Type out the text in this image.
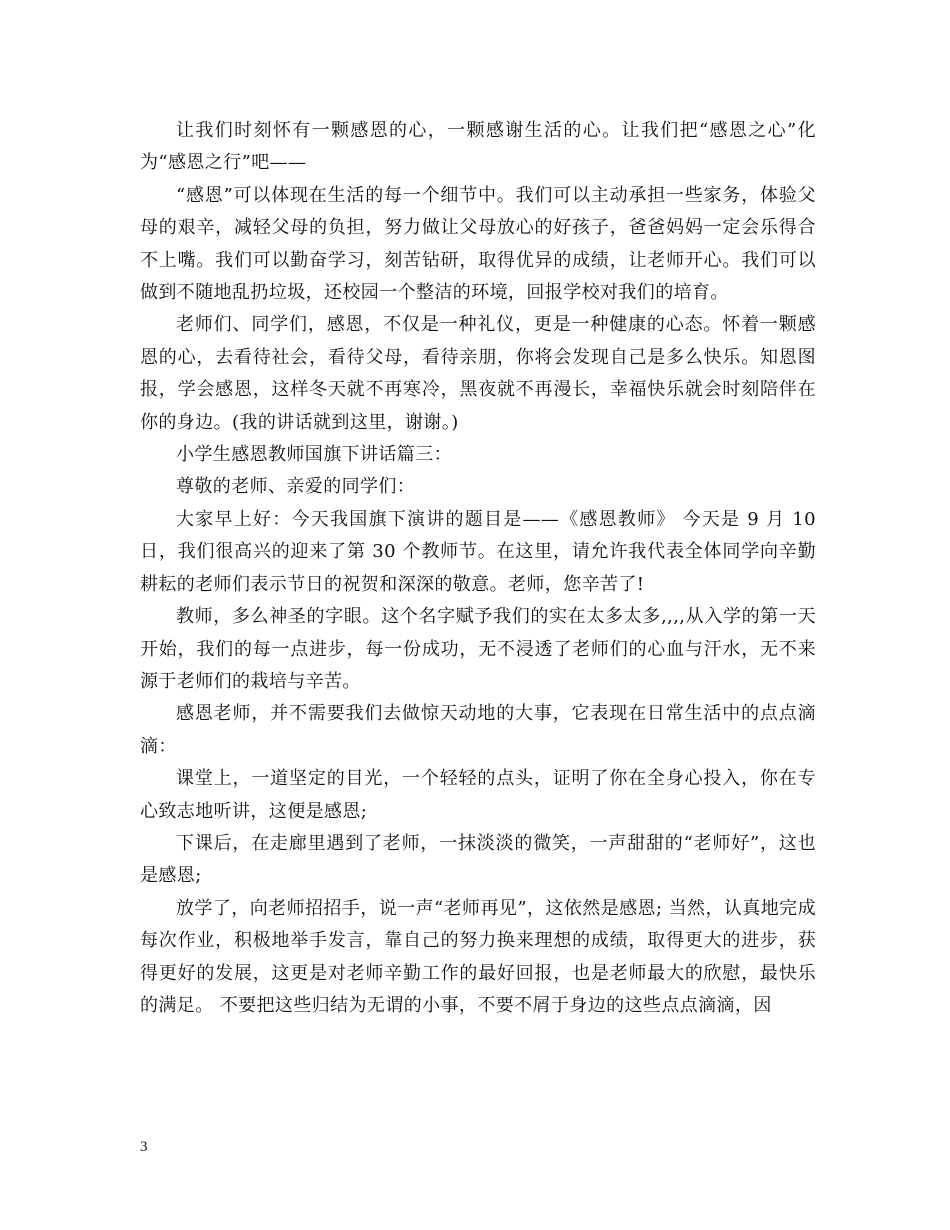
让我们时刻怀有一颗感恩的心，一颗感谢生活的心。让我们把“感恩之心”化为“感恩之行”吧——

“感恩”可以体现在生活的每一个细节中。我们可以主动承担一些家务，体验父母的艰辛，减轻父母的负担，努力做让父母放心的好孩子，爸爸妈妈一定会乐得合不上嘴。我们可以勤奋学习，刻苦钻研，取得优异的成绩，让老师开心。我们可以做到不随地乱扔垃圾，还校园一个整洁的环境，回报学校对我们的培育。

老师们、同学们，感恩，不仅是一种礼仪，更是一种健康的心态。怀着一颗感恩的心，去看待社会，看待父母，看待亲朋，你将会发现自己是多么快乐。知恩图报，学会感恩，这样冬天就不再寒冷，黑夜就不再漫长，幸福快乐就会时刻陪伴在你的身边。(我的讲话就到这里，谢谢。)

小学生感恩教师国旗下讲话篇三：

尊敬的老师、亲爱的同学们：

大家早上好：今天我国旗下演讲的题目是——《感恩教师》 今天是 9 月 10 日，我们很高兴的迎来了第 30 个教师节。在这里，请允许我代表全体同学向辛勤耕耘的老师们表示节日的祝贺和深深的敬意。老师，您辛苦了!

教师，多么神圣的字眼。这个名字赋予我们的实在太多太多,,,,从入学的第一天开始，我们的每一点进步，每一份成功，无不浸透了老师们的心血与汗水，无不来源于老师们的栽培与辛苦。

感恩老师，并不需要我们去做惊天动地的大事，它表现在日常生活中的点点滴滴：

课堂上，一道坚定的目光，一个轻轻的点头，证明了你在全身心投入，你在专心致志地听讲，这便是感恩;

下课后，在走廊里遇到了老师，一抹淡淡的微笑，一声甜甜的“老师好”，这也是感恩;

放学了，向老师招招手，说一声“老师再见”，这依然是感恩; 当然，认真地完成每次作业，积极地举手发言，靠自己的努力换来理想的成绩，取得更大的进步，获得更好的发展，这更是对老师辛勤工作的最好回报，也是老师最大的欣慰，最快乐的满足。 不要把这些归结为无谓的小事，不要不屑于身边的这些点点滴滴，因

3
